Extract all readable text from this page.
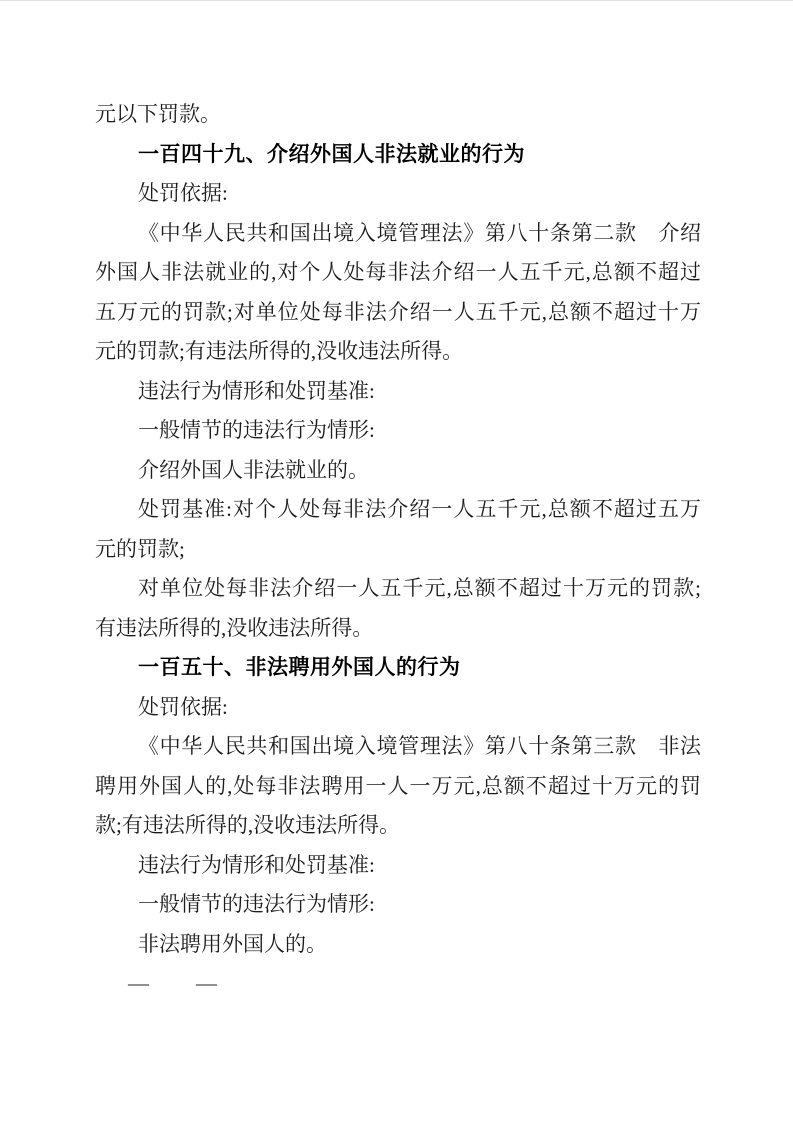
元以下罚款。
一百四十九、介绍外国人非法就业的行为
处罚依据:
《中华人民共和国出境入境管理法》第八十条第二款　介绍
外国人非法就业的,对个人处每非法介绍一人五千元,总额不超过
五万元的罚款;对单位处每非法介绍一人五千元,总额不超过十万
元的罚款;有违法所得的,没收违法所得。
违法行为情形和处罚基准:
一般情节的违法行为情形:
介绍外国人非法就业的。
处罚基准:对个人处每非法介绍一人五千元,总额不超过五万
元的罚款;
对单位处每非法介绍一人五千元,总额不超过十万元的罚款;
有违法所得的,没收违法所得。
一百五十、非法聘用外国人的行为
处罚依据:
《中华人民共和国出境入境管理法》第八十条第三款　非法
聘用外国人的,处每非法聘用一人一万元,总额不超过十万元的罚
款;有违法所得的,没收违法所得。
违法行为情形和处罚基准:
一般情节的违法行为情形:
非法聘用外国人的。
— —
